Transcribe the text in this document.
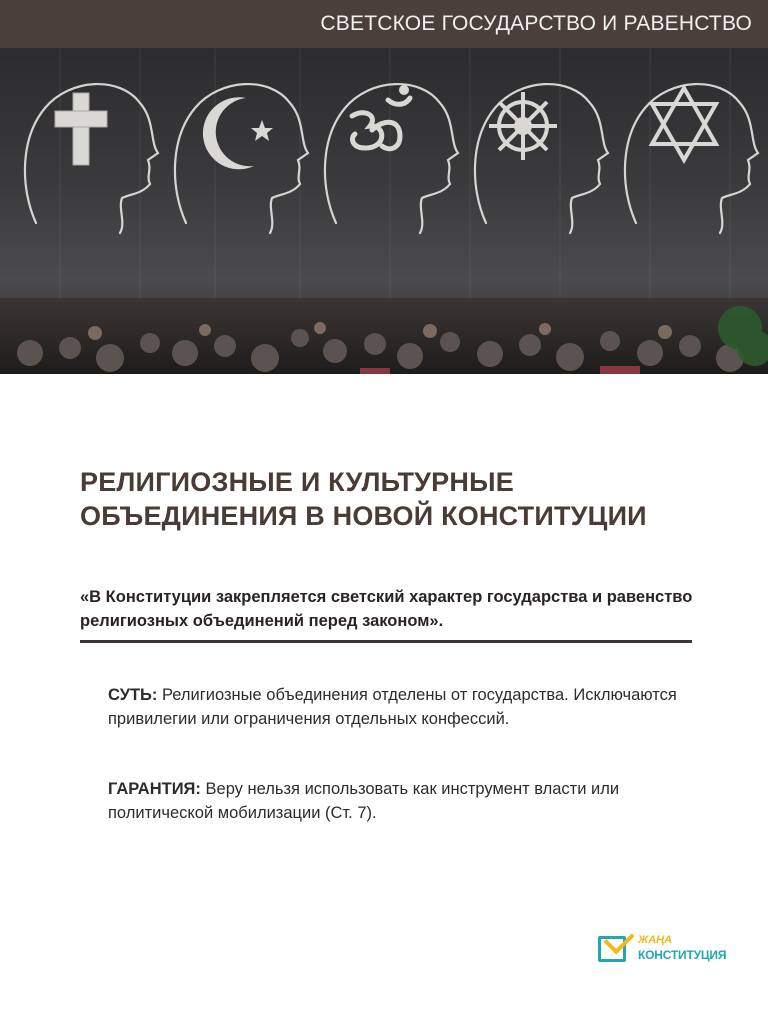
СВЕТСКОЕ ГОСУДАРСТВО И РАВЕНСТВО
РЕЛИГИОЗНЫЕ И КУЛЬТУРНЫЕ
ОБЪЕДИНЕНИЯ В НОВОЙ КОНСТИТУЦИИ

«В Конституции закрепляется светский характер государства и равенство религиозных объединений перед законом».

СУТЬ: Религиозные объединения отделены от государства. Исключаются привилегии или ограничения отдельных конфессий.

ГАРАНТИЯ: Веру нельзя использовать как инструмент власти или политической мобилизации (Ст. 7).

ЖАҢА
КОНСТИТУЦИЯ
